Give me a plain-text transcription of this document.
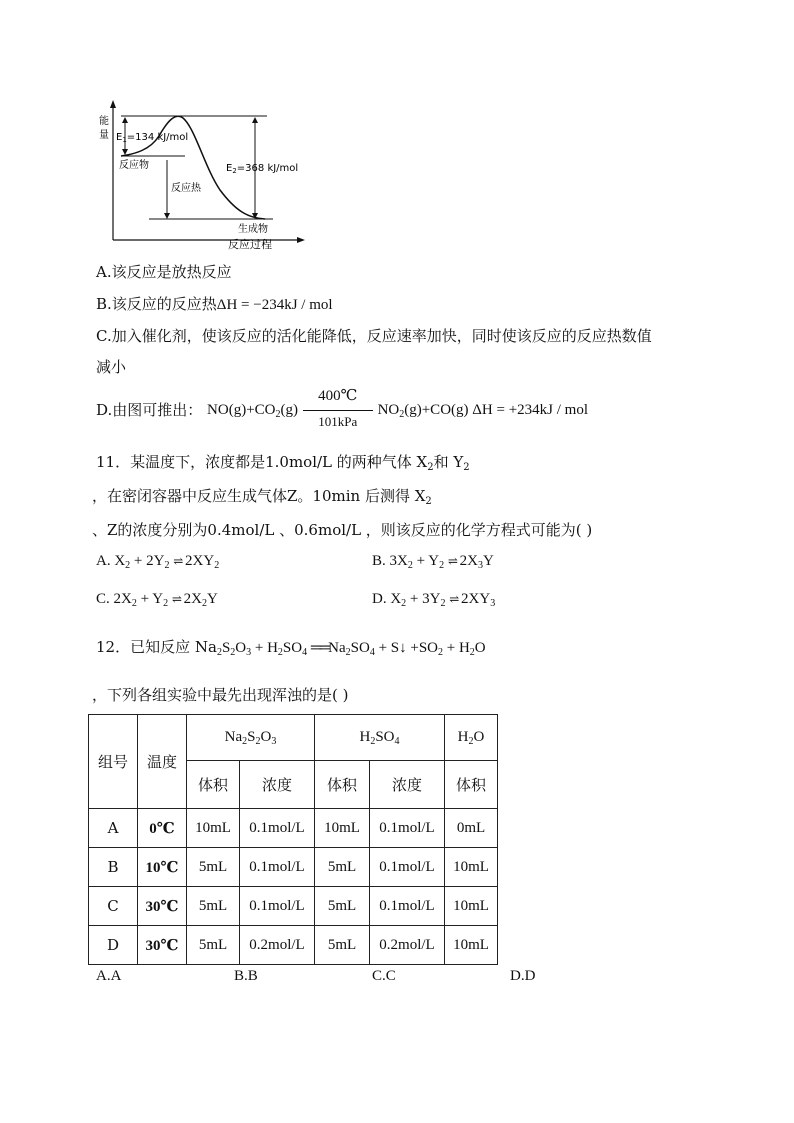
能
量 $E_1=134$ kJ/mol
反应物
反应热
$E_2=368$ kJ/mol
生成物
反应过程
A.该反应是放热反应
B.该反应的反应热ΔH = −234kJ / mol
C.加入催化剂，使该反应的活化能降低，反应速率加快，同时使该反应的反应热数值
减小
D.由图可推出： $NO(g)+CO_2(g) \frac{400℃}{\text{101kPa}} NO_2(g)+CO(g) \Delta H = +234kJ$ / mol
11．某温度下，浓度都是1.0mol/L 的两种气体 $X_2$和 $Y_2$
，在密闭容器中反应生成气体Z。10min 后测得 $X_2$
、Z的浓度分别为0.4mol/L 、0.6mol/L ，则该反应的化学方程式可能为( )
A. $X_2 + 2Y_2$ ⇌ $2XY_2$	B. $3X_2 + Y_2$ ⇌ $2X_3Y$
C. $2X_2 + Y_2$ ⇌ $2X_2Y$	D. $X_2 + 3Y_2$ ⇌ $2XY_3$
12．已知反应 $Na_2S_2O_3 + H_2SO_4$ $══Na_2SO_4$ + S↓ $+SO_2 + H_2O$
，下列各组实验中最先出现浑浊的是( )
组号	温度	$Na_2S_2O_3$		$H_2SO_4$		$H_2O$
		体积	浓度	体积	浓度	体积
A	0℃	10mL	0.1mol/L	10mL	0.1mol/L	0mL
B	10℃	5mL	0.1mol/L	5mL	0.1mol/L	10mL
C	30℃	5mL	0.1mol/L	5mL	0.1mol/L	10mL
D	30℃	5mL	0.2mol/L	5mL	0.2mol/L	10mL
A.A	B.B	C.C	D.D
